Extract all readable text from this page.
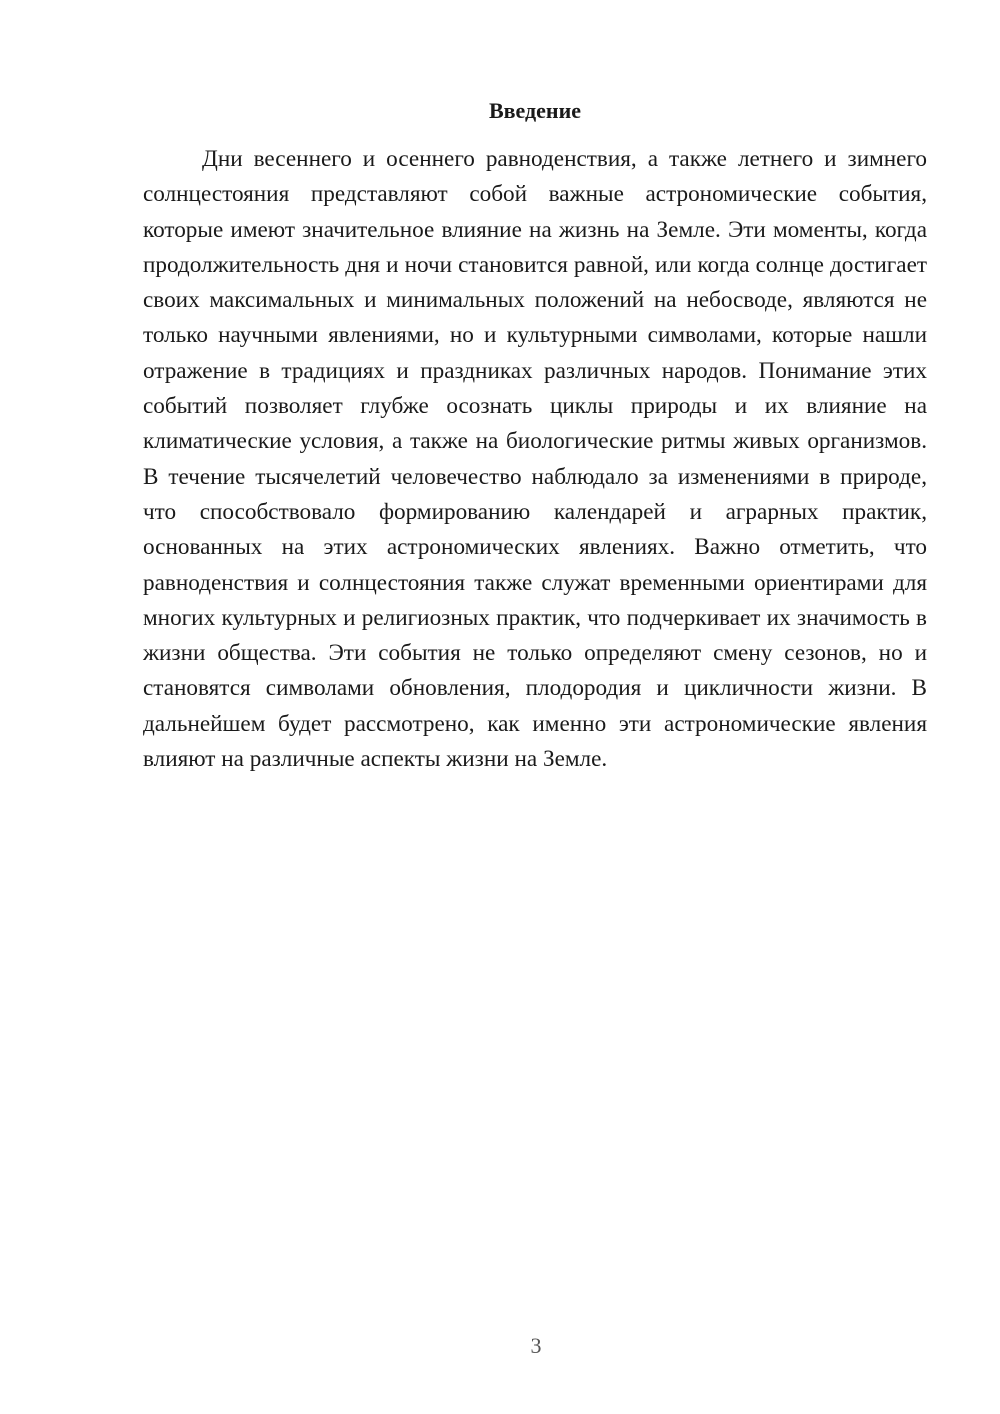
Введение

Дни весеннего и осеннего равноденствия, а также летнего и зимнего солнцестояния представляют собой важные астрономические события, которые имеют значительное влияние на жизнь на Земле. Эти моменты, когда продолжительность дня и ночи становится равной, или когда солнце достигает своих максимальных и минимальных положений на небосводе, являются не только научными явлениями, но и культурными символами, которые нашли отражение в традициях и праздниках различных народов. Понимание этих событий позволяет глубже осознать циклы природы и их влияние на климатические условия, а также на биологические ритмы живых организмов. В течение тысячелетий человечество наблюдало за изменениями в природе, что способствовало формированию календарей и аграрных практик, основанных на этих астрономических явлениях. Важно отметить, что равноденствия и солнцестояния также служат временными ориентирами для многих культурных и религиозных практик, что подчеркивает их значимость в жизни общества. Эти события не только определяют смену сезонов, но и становятся символами обновления, плодородия и цикличности жизни. В дальнейшем будет рассмотрено, как именно эти астрономические явления влияют на различные аспекты жизни на Земле.

3
